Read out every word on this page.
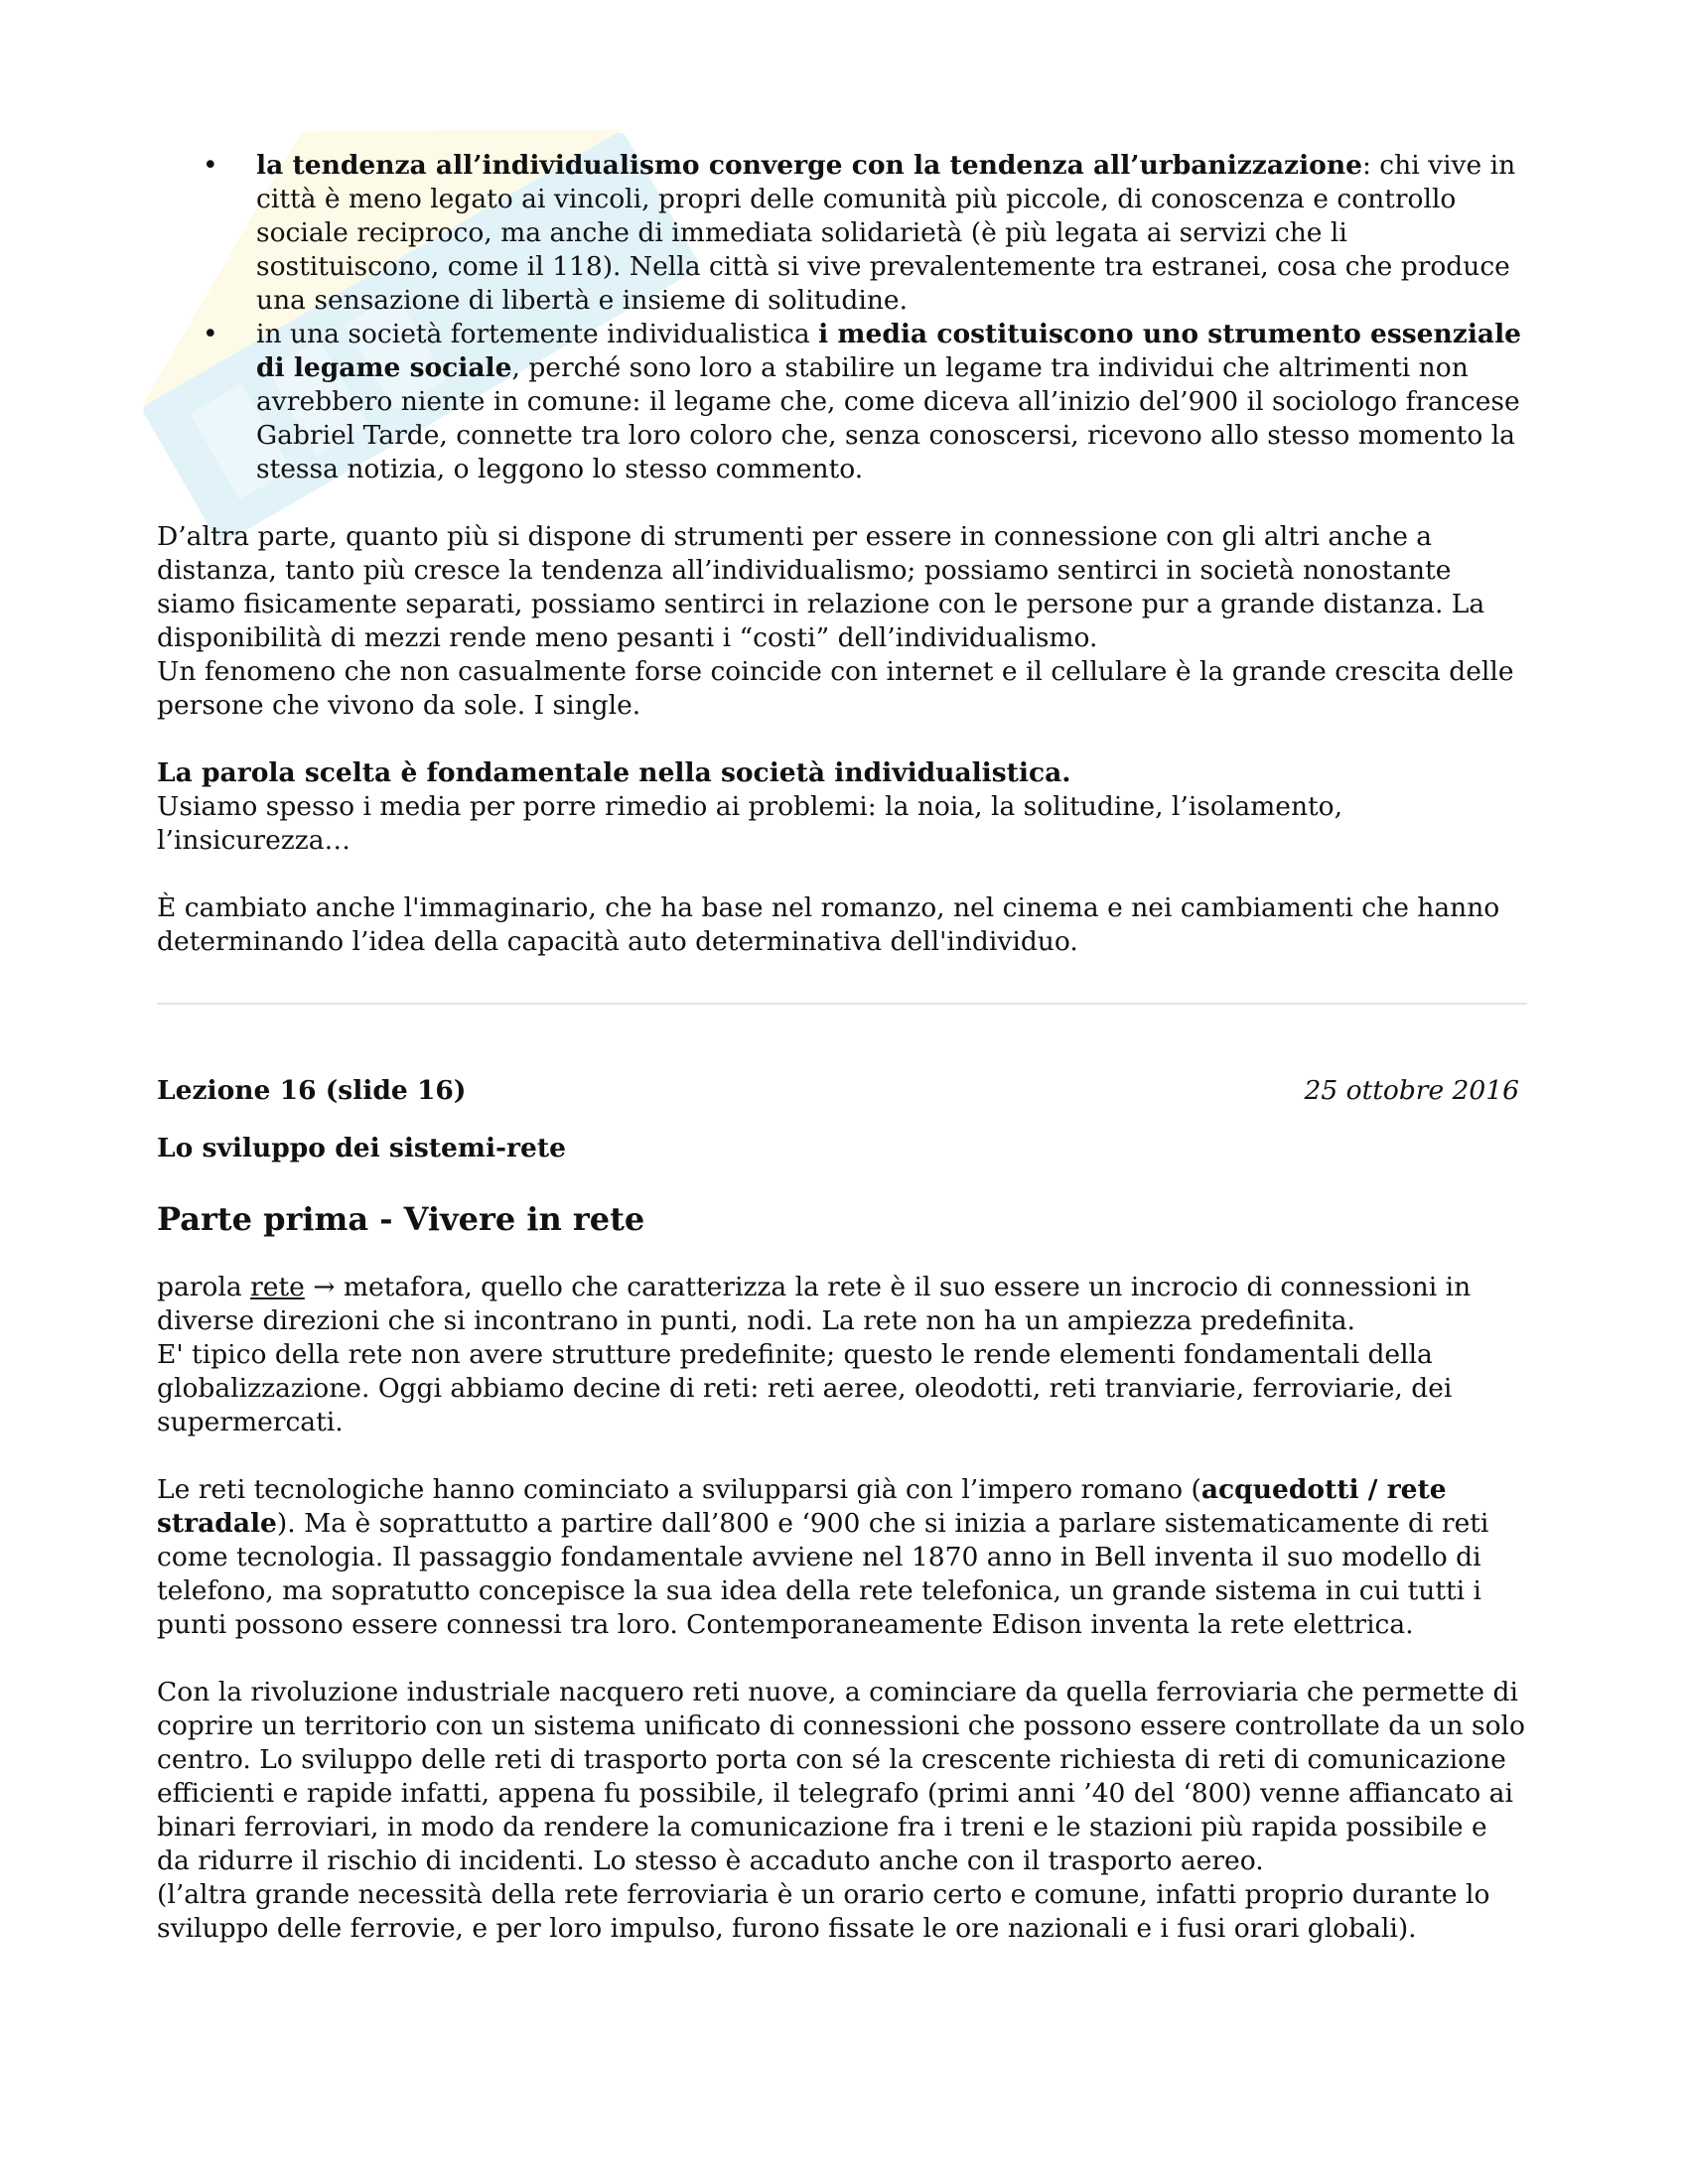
• la tendenza all’individualismo converge con la tendenza all’urbanizzazione: chi vive in città è meno legato ai vincoli, propri delle comunità più piccole, di conoscenza e controllo sociale reciproco, ma anche di immediata solidarietà (è più legata ai servizi che li sostituiscono, come il 118). Nella città si vive prevalentemente tra estranei, cosa che produce una sensazione di libertà e insieme di solitudine.
• in una società fortemente individualistica i media costituiscono uno strumento essenziale di legame sociale, perché sono loro a stabilire un legame tra individui che altrimenti non avrebbero niente in comune: il legame che, come diceva all’inizio del’900 il sociologo francese Gabriel Tarde, connette tra loro coloro che, senza conoscersi, ricevono allo stesso momento la stessa notizia, o leggono lo stesso commento.

D’altra parte, quanto più si dispone di strumenti per essere in connessione con gli altri anche a distanza, tanto più cresce la tendenza all’individualismo; possiamo sentirci in società nonostante siamo fisicamente separati, possiamo sentirci in relazione con le persone pur a grande distanza. La disponibilità di mezzi rende meno pesanti i “costi” dell’individualismo.

Un fenomeno che non casualmente forse coincide con internet e il cellulare è la grande crescita delle persone che vivono da sole. I single.

La parola scelta è fondamentale nella società individualistica.

Usiamo spesso i media per porre rimedio ai problemi: la noia, la solitudine, l’isolamento, l’insicurezza…

È cambiato anche l'immaginario, che ha base nel romanzo, nel cinema e nei cambiamenti che hanno determinando l’idea della capacità auto determinativa dell'individuo.

Lezione 16 (slide 16)	25 ottobre 2016

Lo sviluppo dei sistemi-rete

Parte prima - Vivere in rete

parola rete → metafora, quello che caratterizza la rete è il suo essere un incrocio di connessioni in diverse direzioni che si incontrano in punti, nodi. La rete non ha un ampiezza predefinita.

E' tipico della rete non avere strutture predefinite; questo le rende elementi fondamentali della globalizzazione. Oggi abbiamo decine di reti: reti aeree, oleodotti, reti tranviarie, ferroviarie, dei supermercati.

Le reti tecnologiche hanno cominciato a svilupparsi già con l’impero romano (acquedotti / rete stradale). Ma è soprattutto a partire dall’800 e ‘900 che si inizia a parlare sistematicamente di reti come tecnologia. Il passaggio fondamentale avviene nel 1870 anno in Bell inventa il suo modello di telefono, ma sopratutto concepisce la sua idea della rete telefonica, un grande sistema in cui tutti i punti possono essere connessi tra loro. Contemporaneamente Edison inventa la rete elettrica.

Con la rivoluzione industriale nacquero reti nuove, a cominciare da quella ferroviaria che permette di coprire un territorio con un sistema unificato di connessioni che possono essere controllate da un solo centro. Lo sviluppo delle reti di trasporto porta con sé la crescente richiesta di reti di comunicazione efficienti e rapide infatti, appena fu possibile, il telegrafo (primi anni ’40 del ‘800) venne affiancato ai binari ferroviari, in modo da rendere la comunicazione fra i treni e le stazioni più rapida possibile e da ridurre il rischio di incidenti. Lo stesso è accaduto anche con il trasporto aereo.

(l’altra grande necessità della rete ferroviaria è un orario certo e comune, infatti proprio durante lo sviluppo delle ferrovie, e per loro impulso, furono fissate le ore nazionali e i fusi orari globali).
